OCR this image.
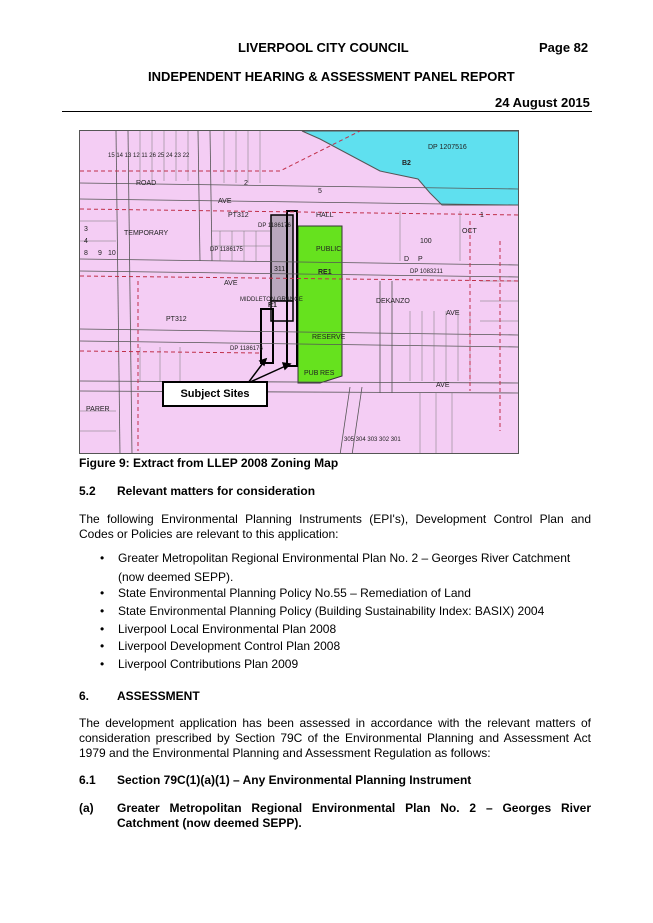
LIVERPOOL CITY COUNCIL	Page 82
INDEPENDENT HEARING & ASSESSMENT PANEL REPORT
24 August 2015
B2
DP 1207516
RE1
R1
PUBLIC
RESERVE
HALL
PT312
PT312
AVE
AVE
AVE
AVE
MIDDLETON GRANGE	DEKANZO
DP 1186176
DP 1186175
DP 1186176
DP 1083211
D P
311
100
2
5
1
OCT
PARER
PUB RES
ROAD
TEMPORARY
3
4
8 9 10
15 14 13 12 11 26 25 24 23 22
305 304 303 302 301
Subject Sites
Figure 9: Extract from LLEP 2008 Zoning Map
5.2 Relevant matters for consideration
The following Environmental Planning Instruments (EPI's), Development Control Plan and
Codes or Policies are relevant to this application:
• Greater Metropolitan Regional Environmental Plan No. 2 – Georges River Catchment
(now deemed SEPP).
• State Environmental Planning Policy No.55 – Remediation of Land
• State Environmental Planning Policy (Building Sustainability Index: BASIX) 2004
• Liverpool Local Environmental Plan 2008
• Liverpool Development Control Plan 2008
• Liverpool Contributions Plan 2009
6. ASSESSMENT
The development application has been assessed in accordance with the relevant matters of
consideration prescribed by Section 79C of the Environmental Planning and Assessment Act
1979 and the Environmental Planning and Assessment Regulation as follows:
6.1 Section 79C(1)(a)(1) – Any Environmental Planning Instrument
(a) Greater Metropolitan Regional Environmental Plan No. 2 – Georges River
Catchment (now deemed SEPP).
